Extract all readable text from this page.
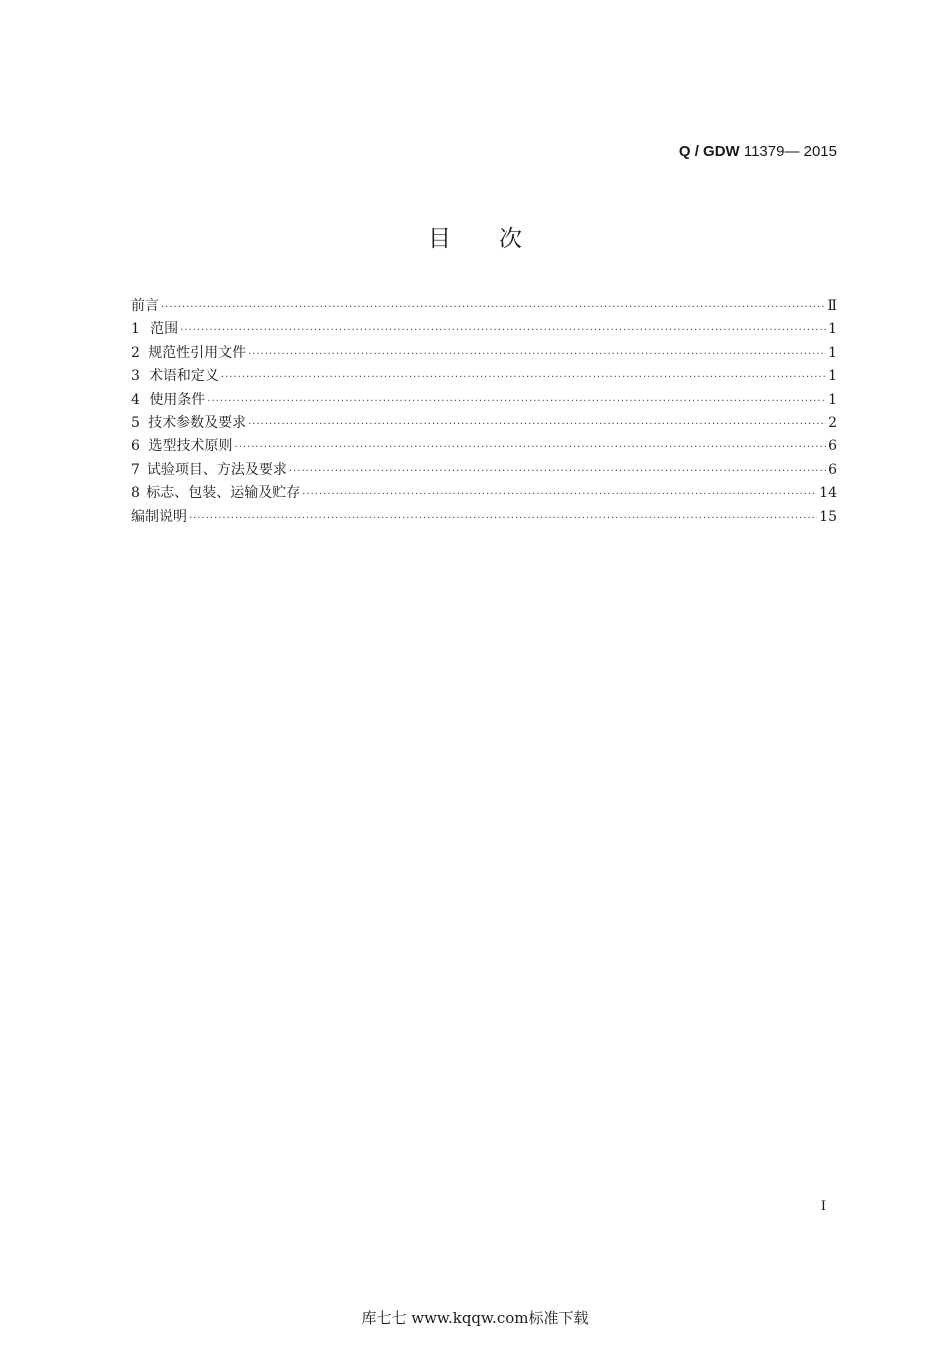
Q / GDW 11379— 2015
目次
前言 ·····	Ⅱ
1 范围 ·····	1
2 规范性引用文件 ·····	1
3 术语和定义 ·····	1
4 使用条件 ·····	1
5 技术参数及要求 ·····	2
6 选型技术原则 ·····	6
7 试验项目、方法及要求 ·····	6
8 标志、包装、运输及贮存 ·····	14
编制说明 ·····	15
I
库七七 www.kqqw.com标准下载
